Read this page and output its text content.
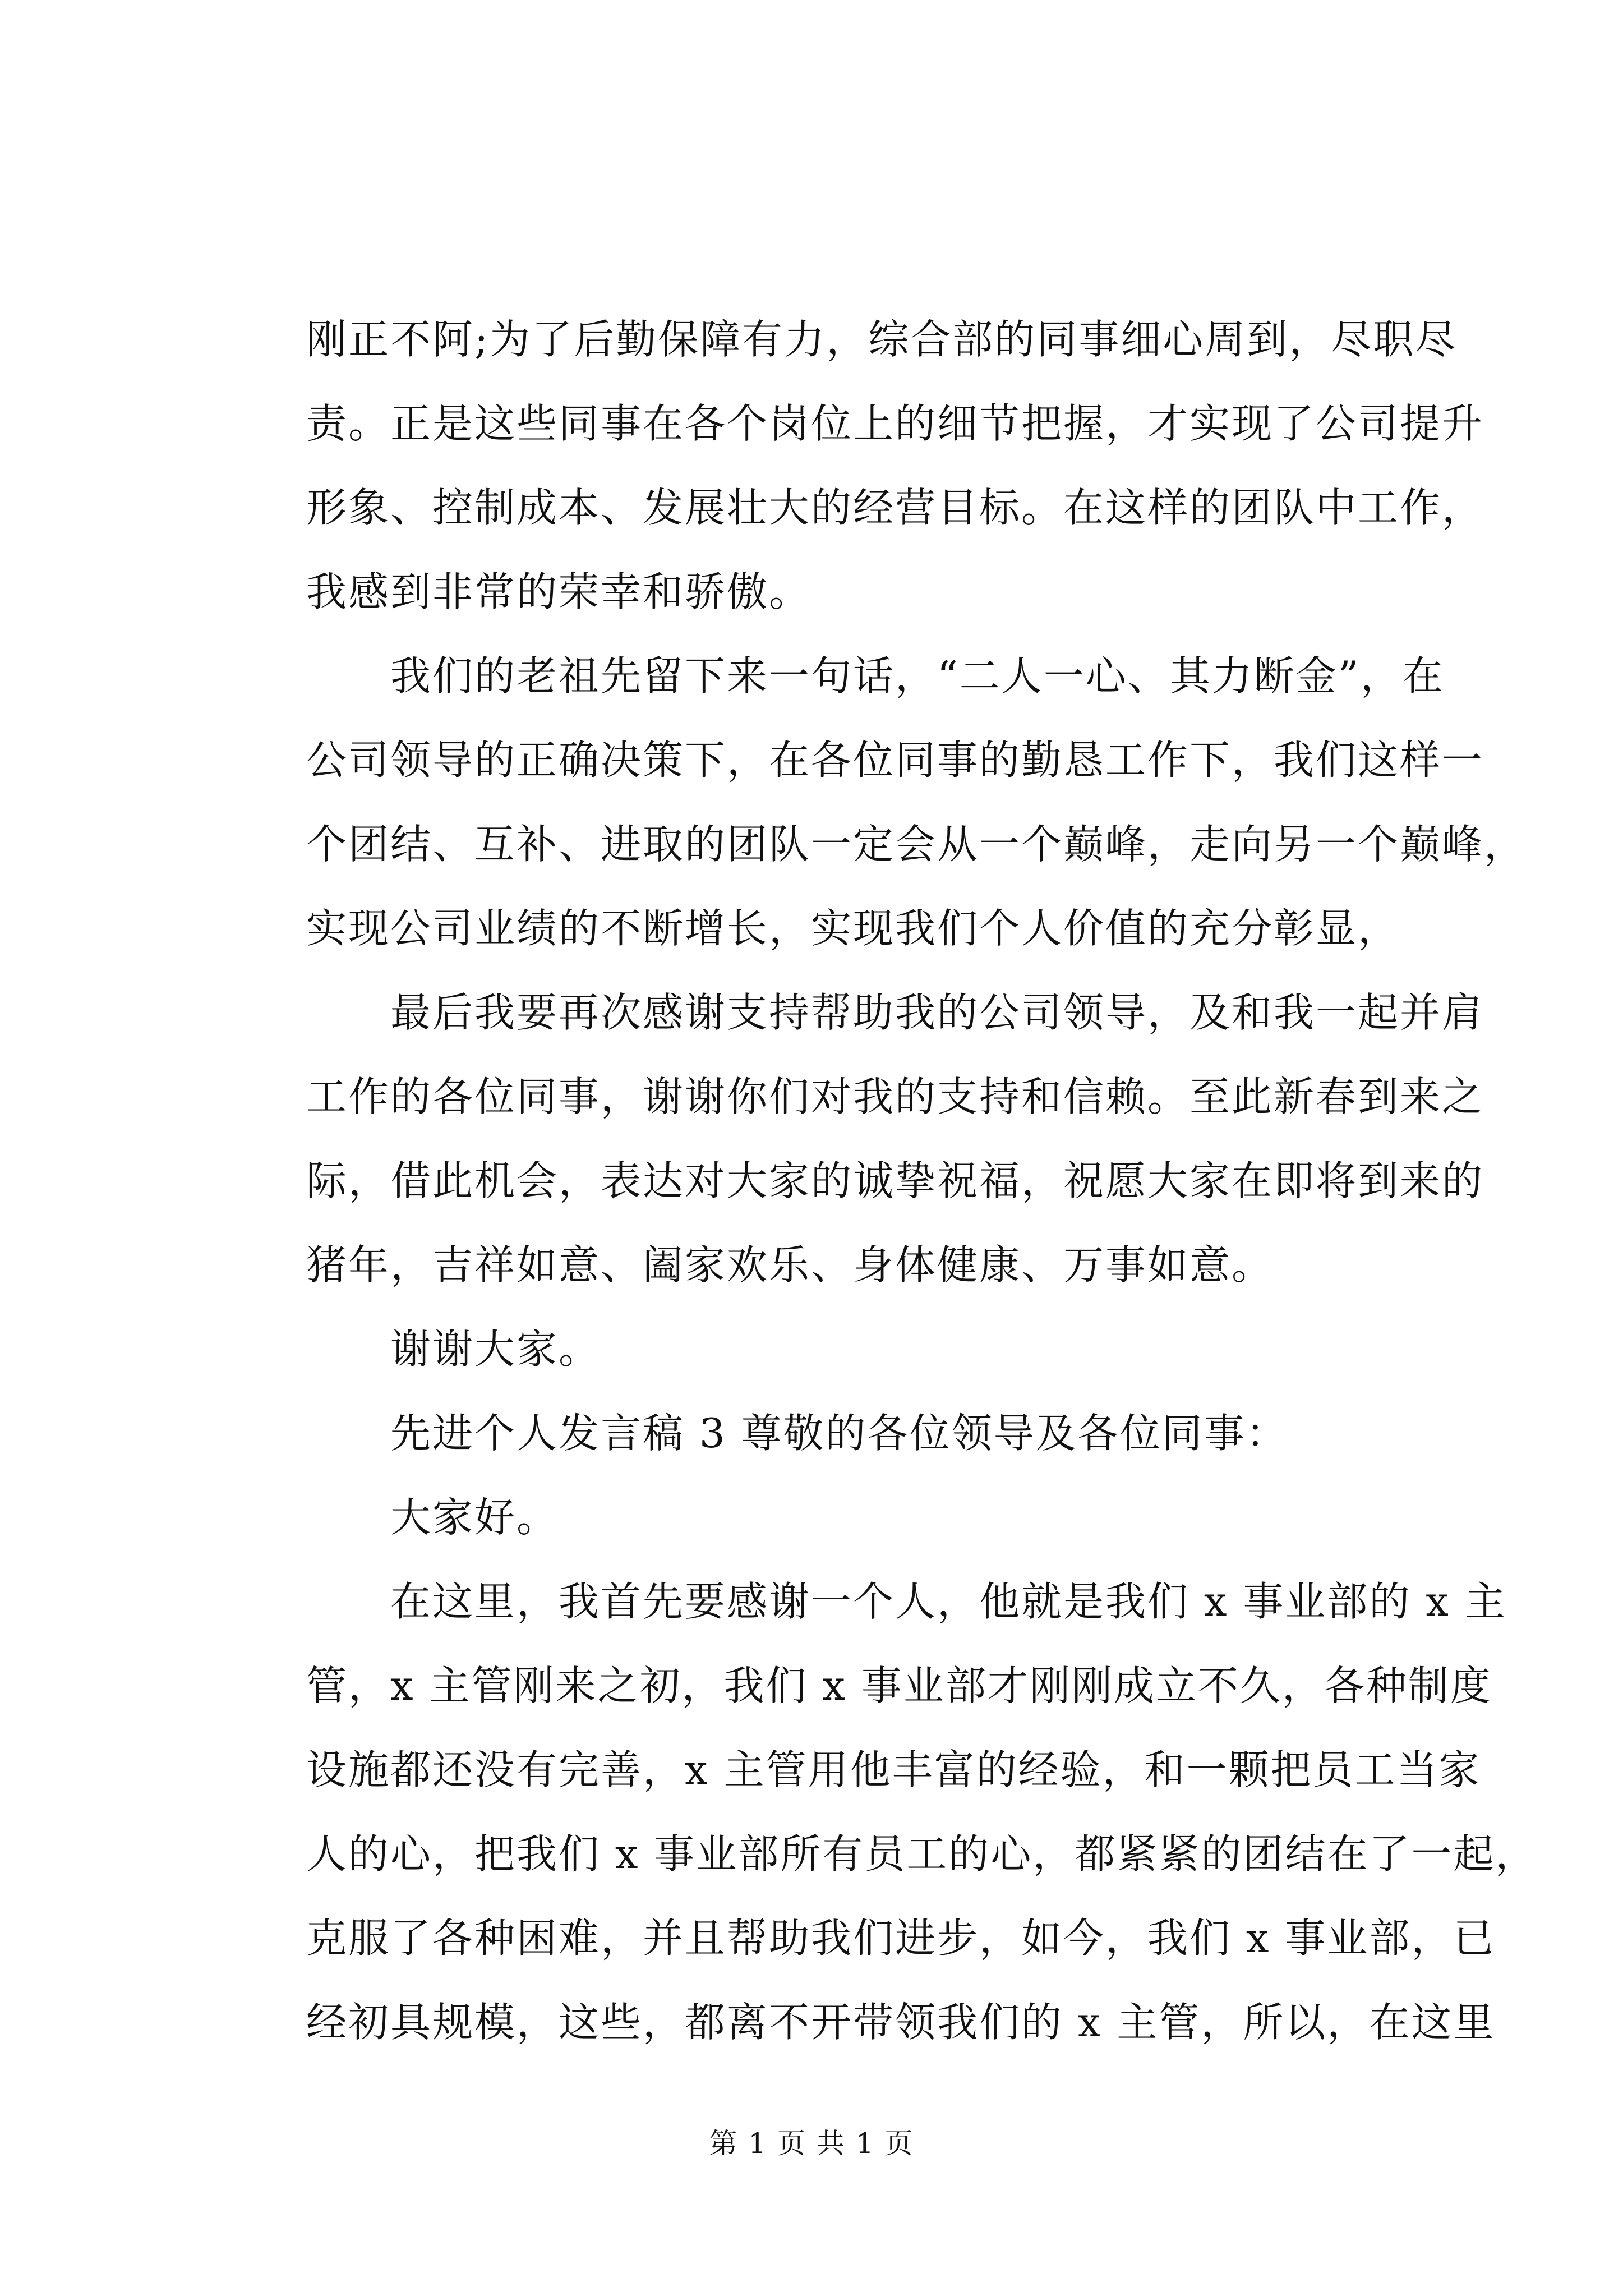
刚正不阿;为了后勤保障有力，综合部的同事细心周到，尽职尽
责。正是这些同事在各个岗位上的细节把握，才实现了公司提升
形象、控制成本、发展壮大的经营目标。在这样的团队中工作，
我感到非常的荣幸和骄傲。
　　我们的老祖先留下来一句话，“二人一心、其力断金”，在
公司领导的正确决策下，在各位同事的勤恳工作下，我们这样一
个团结、互补、进取的团队一定会从一个巅峰，走向另一个巅峰，
实现公司业绩的不断增长，实现我们个人价值的充分彰显，
　　最后我要再次感谢支持帮助我的公司领导，及和我一起并肩
工作的各位同事，谢谢你们对我的支持和信赖。至此新春到来之
际，借此机会，表达对大家的诚挚祝福，祝愿大家在即将到来的
猪年，吉祥如意、阖家欢乐、身体健康、万事如意。
　　谢谢大家。
　　先进个人发言稿 3 尊敬的各位领导及各位同事：
　　大家好。
　　在这里，我首先要感谢一个人，他就是我们 x 事业部的 x 主
管，x 主管刚来之初，我们 x 事业部才刚刚成立不久，各种制度
设施都还没有完善，x 主管用他丰富的经验，和一颗把员工当家
人的心，把我们 x 事业部所有员工的心，都紧紧的团结在了一起，
克服了各种困难，并且帮助我们进步，如今，我们 x 事业部，已
经初具规模，这些，都离不开带领我们的 x 主管，所以，在这里

第 1 页 共 1 页
